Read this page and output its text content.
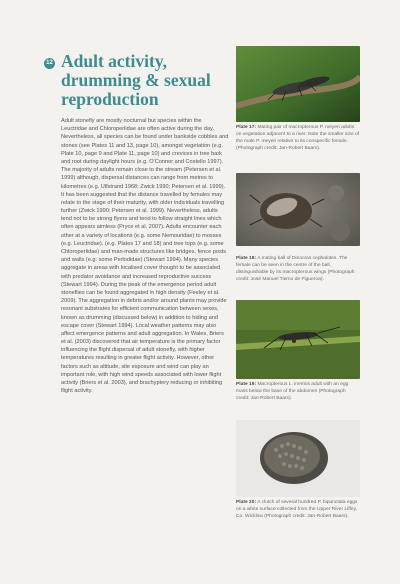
12 Adult activity, drumming & sexual reproduction

Adult stonefly are mostly nocturnal but species within the Leuctridae and Chloroperlidae are often active during the day. Nevertheless, all species can be found under bankside cobbles and stones (see Plates 11 and 13, page 10), amongst vegetation (e.g. Plate 10, page 9 and Plate 11, page 10) and crevices in tree bark and root during daylight hours (e.g. O'Connor and Costello 1997). The majority of adults remain close to the stream (Petersen et al. 1999) although, dispersal distances can range from metres to kilometres (e.g. Ulfstrand 1968; Zwick 1990; Petersen et al. 1999). It has been suggested that the distance travelled by females may relate to the stage of their maturity, with older individuals travelling further (Zwick 1990; Petersen et al. 1999). Nevertheless, adults tend not to be strong flyers and tend to follow straight lines which often appears aimless (Pryce et al. 2007). Adults encounter each other at a variety of locations (e.g. some Nemouridae) to mosses (e.g. Leuctridae), (e.g. Plates 17 and 18) and tree tops (e.g. some Chloroperlidae) and man-made structures like bridges, fence posts and walls (e.g. some Perlodidae) (Stewart 1994). Many species aggregate in areas with localised cover thought to be associated with predator avoidance and increased reproductive success (Stewart 1994). During the peak of the emergence period adult stoneflies can be found aggregated in high density (Feeley et al. 2009). The aggregation in debris and/or around plants may provide resonant substrates for efficient communication between sexes, known as drumming (discussed below) in addition to hiding and escape cover (Stewart 1994). Local weather patterns may also affect emergence patterns and adult aggregation. In Wales, Briers et al. (2003) discovered that air temperature is the primary factor influencing the flight dispersal of adult stonefly, with higher temperatures resulting in greater flight activity. However, other factors such as altitude, site exposure and wind can play an important role, with high wind speeds associated with lower flight activity (Briers et al. 2003), and brachyptery reducing or inhibiting flight activity.

Plate 17: Mating pair of macropterous P. meyeri adults on vegetation adjacent to a river. Note the smaller size of the male P. meyeri relative to its conspecific female. (Photograph credit: Jan-Robert Baars).

Plate 18: A mating ball of Dinocras cephalotes. The female can be seen in the centre of the ball, distinguishable by its macropterous wings (Photograph credit: José Manuel Tierno de Figueroa).

Plate 19: Macropterous L. inermis adult with an egg mass below the base of the abdomen (Photograph credit: Jan-Robert Baars).

Plate 20: A clutch of several hundred P. bipunctata eggs on a white surface collected from the Upper River Liffey, Co. Wicklow (Photograph credit: Jan-Robert Baars).
